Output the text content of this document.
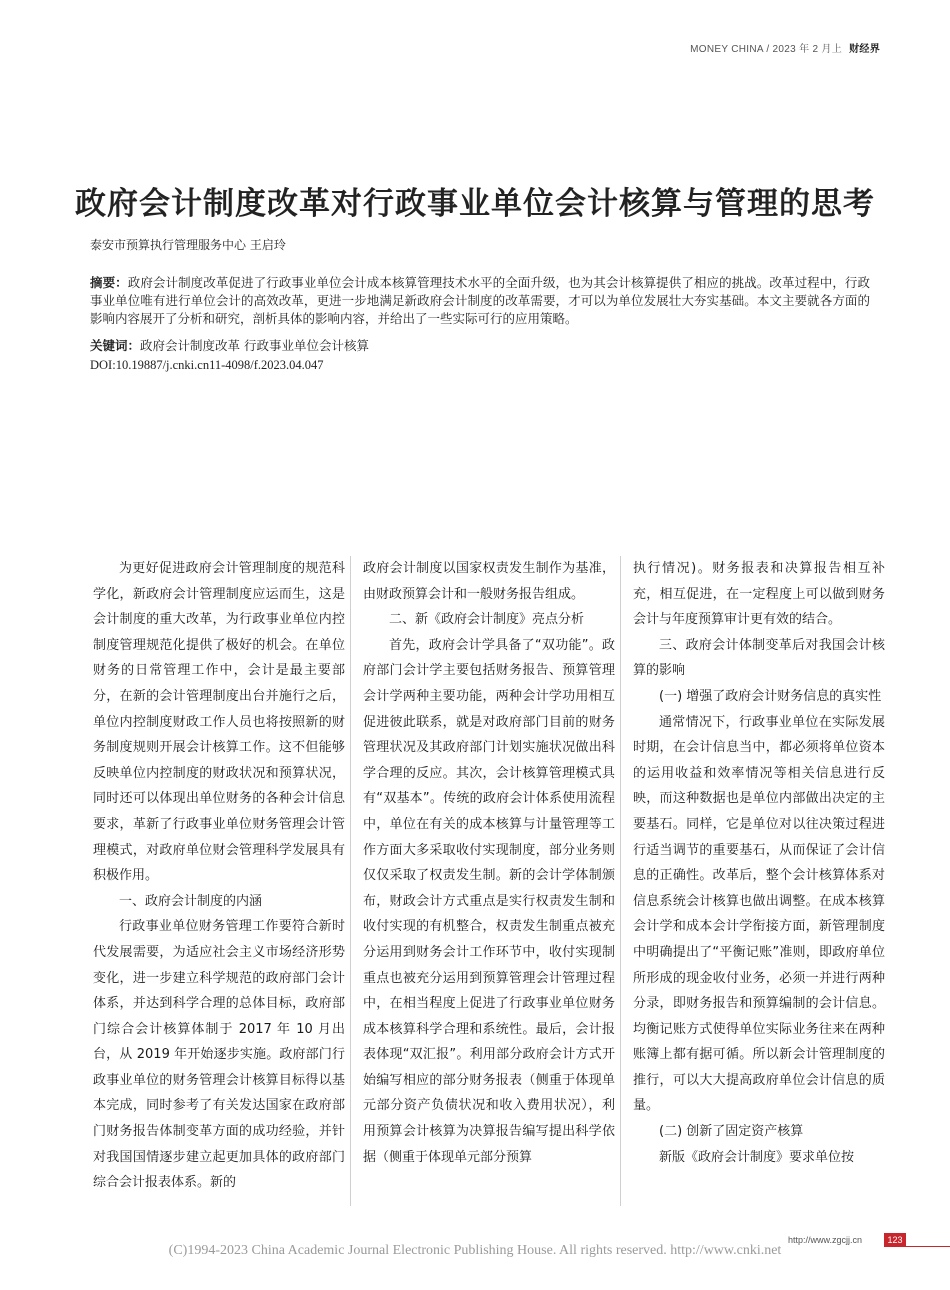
MONEY CHINA / 2023 年 2 月上 财经界
政府会计制度改革对行政事业单位会计核算与管理的思考
泰安市预算执行管理服务中心 王启玲
摘要：政府会计制度改革促进了行政事业单位会计成本核算管理技术水平的全面升级，也为其会计核算提供了相应的挑战。改革过程中，行政事业单位唯有进行单位会计的高效改革，更进一步地满足新政府会计制度的改革需要，才可以为单位发展壮大夯实基础。本文主要就各方面的影响内容展开了分析和研究，剖析具体的影响内容，并给出了一些实际可行的应用策略。
关键词：政府会计制度改革 行政事业单位会计核算
DOI:10.19887/j.cnki.cn11-4098/f.2023.04.047

为更好促进政府会计管理制度的规范科学化，新政府会计管理制度应运而生，这是会计制度的重大改革，为行政事业单位内控制度管理规范化提供了极好的机会。在单位财务的日常管理工作中，会计是最主要部分，在新的会计管理制度出台并施行之后，单位内控制度财政工作人员也将按照新的财务制度规则开展会计核算工作。这不但能够反映单位内控制度的财政状况和预算状况，同时还可以体现出单位财务的各种会计信息要求，革新了行政事业单位财务管理会计管理模式，对政府单位财会管理科学发展具有积极作用。

一、政府会计制度的内涵

行政事业单位财务管理工作要符合新时代发展需要，为适应社会主义市场经济形势变化，进一步建立科学规范的政府部门会计体系，并达到科学合理的总体目标，政府部门综合会计核算体制于 2017 年 10 月出台，从 2019 年开始逐步实施。政府部门行政事业单位的财务管理会计核算目标得以基本完成，同时参考了有关发达国家在政府部门财务报告体制变革方面的成功经验，并针对我国国情逐步建立起更加具体的政府部门综合会计报表体系。新的

政府会计制度以国家权责发生制作为基准，由财政预算会计和一般财务报告组成。

二、新《政府会计制度》亮点分析

首先，政府会计学具备了“双功能”。政府部门会计学主要包括财务报告、预算管理会计学两种主要功能，两种会计学功用相互促进彼此联系，就是对政府部门目前的财务管理状况及其政府部门计划实施状况做出科学合理的反应。其次，会计核算管理模式具有“双基本”。传统的政府会计体系使用流程中，单位在有关的成本核算与计量管理等工作方面大多采取收付实现制度，部分业务则仅仅采取了权责发生制。新的会计学体制颁布，财政会计方式重点是实行权责发生制和收付实现的有机整合，权责发生制重点被充分运用到财务会计工作环节中，收付实现制重点也被充分运用到预算管理会计管理过程中，在相当程度上促进了行政事业单位财务成本核算科学合理和系统性。最后，会计报表体现“双汇报”。利用部分政府会计方式开始编写相应的部分财务报表（侧重于体现单元部分资产负债状况和收入费用状况），利用预算会计核算为决算报告编写提出科学依据（侧重于体现单元部分预算

执行情况)。财务报表和决算报告相互补充，相互促进，在一定程度上可以做到财务会计与年度预算审计更有效的结合。

三、政府会计体制变革后对我国会计核算的影响

(一) 增强了政府会计财务信息的真实性

通常情况下，行政事业单位在实际发展时期，在会计信息当中，都必须将单位资本的运用收益和效率情况等相关信息进行反映，而这种数据也是单位内部做出决定的主要基石。同样，它是单位对以往决策过程进行适当调节的重要基石，从而保证了会计信息的正确性。改革后，整个会计核算体系对信息系统会计核算也做出调整。在成本核算会计学和成本会计学衔接方面，新管理制度中明确提出了“平衡记账”准则，即政府单位所形成的现金收付业务，必须一并进行两种分录，即财务报告和预算编制的会计信息。均衡记账方式使得单位实际业务往来在两种账簿上都有据可循。所以新会计管理制度的推行，可以大大提高政府单位会计信息的质量。

(二) 创新了固定资产核算

新版《政府会计制度》要求单位按

(C)1994-2023 China Academic Journal Electronic Publishing House. All rights reserved. http://www.cnki.net
http://www.zgcjj.cn	123
